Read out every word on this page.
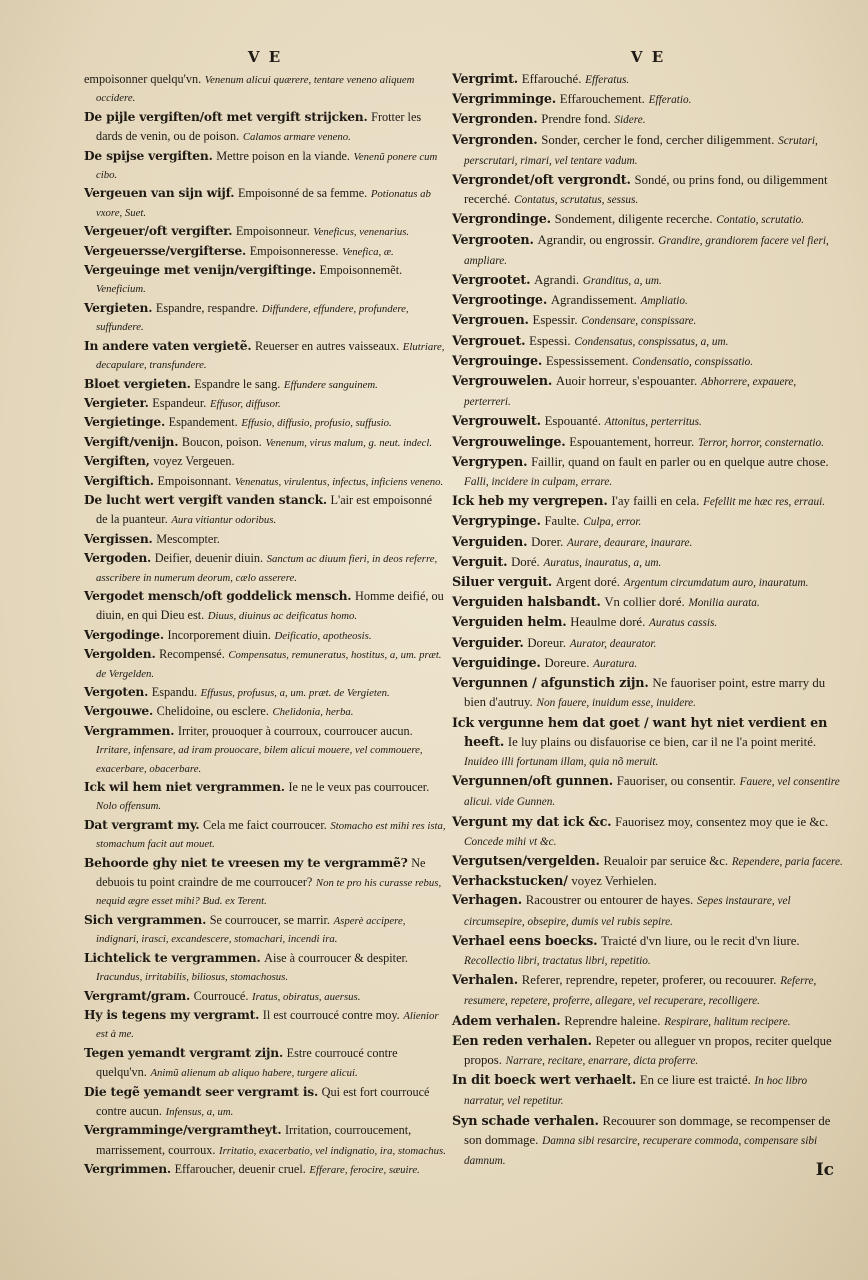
V E

empoisonner quelqu'vn. Venenum alicui quærere, tentare veneno aliquem occidere.

De pijle vergiften/oft met vergift strijcken. Frotter les dards de venin, ou de poison. Calamos armare veneno.

De spijse vergiften. Mettre poison en la viande. Venenũ ponere cum cibo.

Vergeuen van sijn wijf. Empoisonné de sa femme. Potionatus ab vxore, Suet.

Vergeuer/oft vergifter. Empoisonneur. Veneficus, venenarius.

Vergeuersse/vergifterse. Empoisonneresse. Venefica, æ.

Vergeuinge met venijn/vergiftinge. Empoisonnemẽt. Veneficium.

Vergieten. Espandre, respandre. Diffundere, effundere, profundere, suffundere.

In andere vaten vergietẽ. Reuerser en autres vaisseaux. Elutriare, decapulare, transfundere.

Bloet vergieten. Espandre le sang. Effundere sanguinem.

Vergieter. Espandeur. Effusor, diffusor.

Vergietinge. Espandement. Effusio, diffusio, profusio, suffusio.

Vergift/venijn. Boucon, poison. Venenum, virus malum, g. neut. indecl.

Vergiften, voyez Vergeuen.

Vergiftich. Empoisonnant. Venenatus, virulentus, infectus, inficiens veneno.

De lucht wert vergift vanden stanck. L'air est empoisonné de la puanteur. Aura vitiantur odoribus.

Vergissen. Mescompter.

Vergoden. Deifier, deuenir diuin. Sanctum ac diuum fieri, in deos referre, asscribere in numerum deorum, cælo asserere.

Vergodet mensch/oft goddelick mensch. Homme deifié, ou diuin, en qui Dieu est. Diuus, diuinus ac deificatus homo.

Vergodinge. Incorporement diuin. Deificatio, apotheosis.

Vergolden. Recompensé. Compensatus, remuneratus, hostitus, a, um. præt. de Vergelden.

Vergoten. Espandu. Effusus, profusus, a, um. præt. de Vergieten.

Vergouwe. Chelidoine, ou esclere. Chelidonia, herba.

Vergrammen. Irriter, prouoquer à courroux, courroucer aucun. Irritare, infensare, ad iram prouocare, bilem alicui mouere, vel commouere, exacerbare, obacerbare.

Ick wil hem niet vergrammen. Ie ne le veux pas courroucer. Nolo offensum.

Dat vergramt my. Cela me faict courroucer. Stomacho est mihi res ista, stomachum facit aut mouet.

Behoorde ghy niet te vreesen my te vergrammẽ? Ne debuois tu point craindre de me courroucer? Non te pro his curasse rebus, nequid ægre esset mihi? Bud. ex Terent.

Sich vergrammen. Se courroucer, se marrir. Asperè accipere, indignari, irasci, excandescere, stomachari, incendi ira.

Lichtelick te vergrammen. Aise à courroucer & despiter. Iracundus, irritabilis, biliosus, stomachosus.

Vergramt/gram. Courroucé. Iratus, obiratus, auersus.

Hy is tegens my vergramt. Il est courroucé contre moy. Alienior est à me.

Tegen yemandt vergramt zijn. Estre courroucé contre quelqu'vn. Animũ alienum ab aliquo habere, turgere alicui.

Die tegẽ yemandt seer vergramt is. Qui est fort courroucé contre aucun. Infensus, a, um.

Vergramminge/vergramtheyt. Irritation, courroucement, marrissement, courroux. Irritatio, exacerbatio, vel indignatio, ira, stomachus.

Vergrimmen. Effaroucher, deuenir cruel. Efferare, ferocire, sæuire.

V E

Vergrimt. Effarouché. Efferatus.

Vergrimminge. Effarouchement. Efferatio.

Vergronden. Prendre fond. Sidere.

Vergronden. Sonder, cercher le fond, cercher diligemment. Scrutari, perscrutari, rimari, vel tentare vadum.

Vergrondet/oft vergrondt. Sondé, ou prins fond, ou diligemment recerché. Contatus, scrutatus, sessus.

Vergrondinge. Sondement, diligente recerche. Contatio, scrutatio.

Vergrooten. Agrandir, ou engrossir. Grandire, grandiorem facere vel fieri, ampliare.

Vergrootet. Agrandi. Granditus, a, um.

Vergrootinge. Agrandissement. Ampliatio.

Vergrouen. Espessir. Condensare, conspissare.

Vergrouet. Espessi. Condensatus, conspissatus, a, um.

Vergrouinge. Espessissement. Condensatio, conspissatio.

Vergrouwelen. Auoir horreur, s'espouanter. Abhorrere, expauere, perterreri.

Vergrouwelt. Espouanté. Attonitus, perterritus.

Vergrouwelinge. Espouantement, horreur. Terror, horror, consternatio.

Vergrypen. Faillir, quand on fault en parler ou en quelque autre chose. Falli, incidere in culpam, errare.

Ick heb my vergrepen. I'ay failli en cela. Fefellit me hæc res, erraui.

Vergrypinge. Faulte. Culpa, error.

Verguiden. Dorer. Aurare, deaurare, inaurare.

Verguit. Doré. Auratus, inauratus, a, um.

Siluer verguit. Argent doré. Argentum circumdatum auro, inauratum.

Verguiden halsbandt. Vn collier doré. Monilia aurata.

Verguiden helm. Heaulme doré. Auratus cassis.

Verguider. Doreur. Aurator, deaurator.

Verguidinge. Doreure. Auratura.

Vergunnen / afgunstich zijn. Ne fauoriser point, estre marry du bien d'autruy. Non fauere, inuidum esse, inuidere.

Ick vergunne hem dat goet / want hyt niet verdient en heeft. Ie luy plains ou disfauorise ce bien, car il ne l'a point merité. Inuideo illi fortunam illam, quia nõ meruit.

Vergunnen/oft gunnen. Fauoriser, ou consentir. Fauere, vel consentire alicui. vide Gunnen.

Vergunt my dat ick &c. Fauorisez moy, consentez moy que ie &c. Concede mihi vt &c.

Vergutsen/vergelden. Reualoir par seruice &c. Rependere, paria facere.

Verhackstucken/ voyez Verhielen.

Verhagen. Racoustrer ou entourer de hayes. Sepes instaurare, vel circumsepire, obsepire, dumis vel rubis sepire.

Verhael eens boecks. Traicté d'vn liure, ou le recit d'vn liure. Recollectio libri, tractatus libri, repetitio.

Verhalen. Referer, reprendre, repeter, proferer, ou recouurer. Referre, resumere, repetere, proferre, allegare, vel recuperare, recolligere.

Adem verhalen. Reprendre haleine. Respirare, halitum recipere.

Een reden verhalen. Repeter ou alleguer vn propos, reciter quelque propos. Narrare, recitare, enarrare, dicta proferre.

In dit boeck wert verhaelt. En ce liure est traicté. In hoc libro narratur, vel repetitur.

Syn schade verhalen. Recouurer son dommage, se recompenser de son dommage. Damna sibi resarcire, recuperare commoda, compensare sibi damnum.	Ic
